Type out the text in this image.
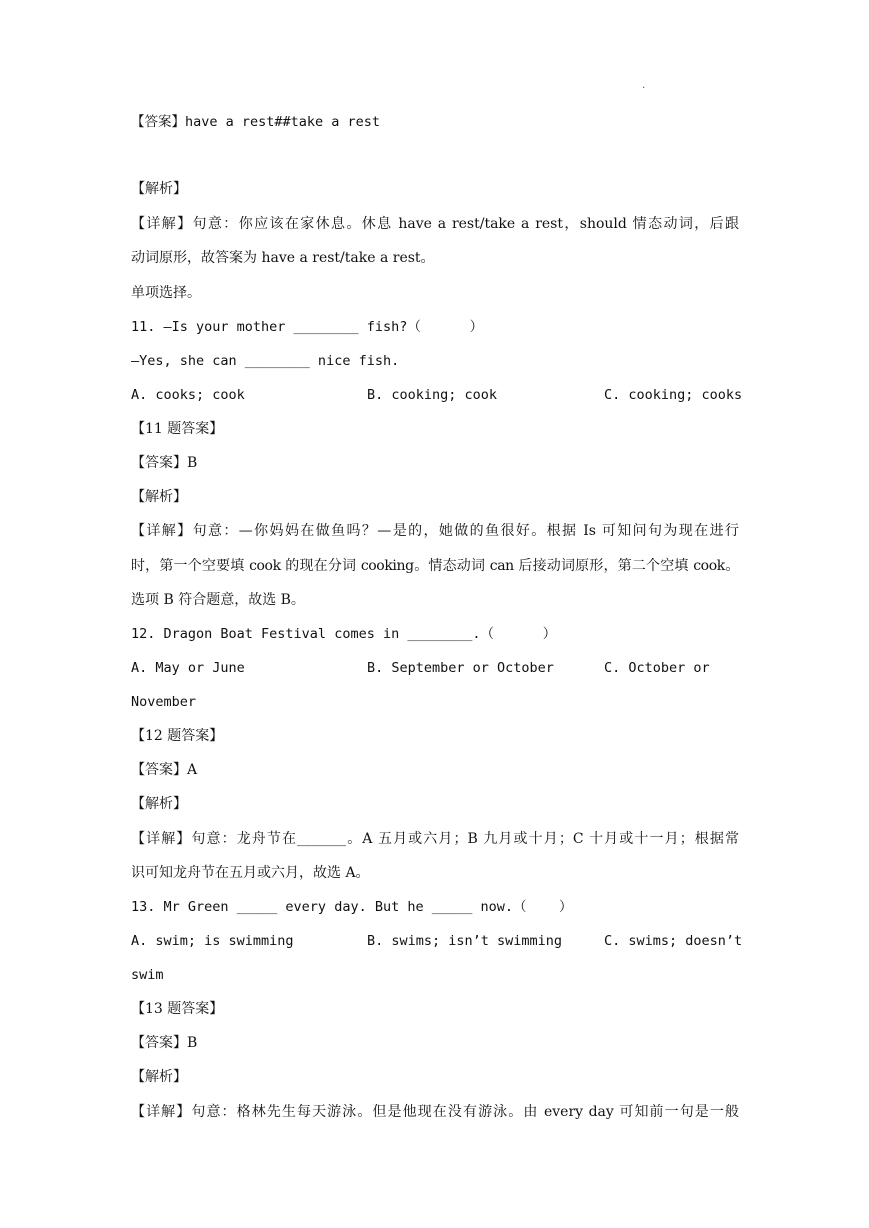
.
【答案】have a rest##take a rest
【解析】
【详解】句意：你应该在家休息。休息 have a rest/take a rest，should 情态动词，后跟
动词原形，故答案为 have a rest/take a rest。
单项选择。
11. —Is your mother ________ fish?（      ）
—Yes, she can ________ nice fish.
A. cooks; cook	B. cooking; cook	C. cooking; cooks
【11 题答案】
【答案】B
【解析】
【详解】句意：—你妈妈在做鱼吗？—是的，她做的鱼很好。根据 Is 可知问句为现在进行
时，第一个空要填 cook 的现在分词 cooking。情态动词 can 后接动词原形，第二个空填 cook。
选项 B 符合题意，故选 B。
12. Dragon Boat Festival comes in ________.（      ）
A. May or June	B. September or October	C. October or
November
【12 题答案】
【答案】A
【解析】
【详解】句意：龙舟节在_______。A 五月或六月；B 九月或十月；C 十月或十一月；根据常
识可知龙舟节在五月或六月，故选 A。
13. Mr Green _____ every day. But he _____ now.（    ）
A. swim; is swimming	B. swims; isn’t swimming	C. swims; doesn’t
swim
【13 题答案】
【答案】B
【解析】
【详解】句意：格林先生每天游泳。但是他现在没有游泳。由 every day 可知前一句是一般
